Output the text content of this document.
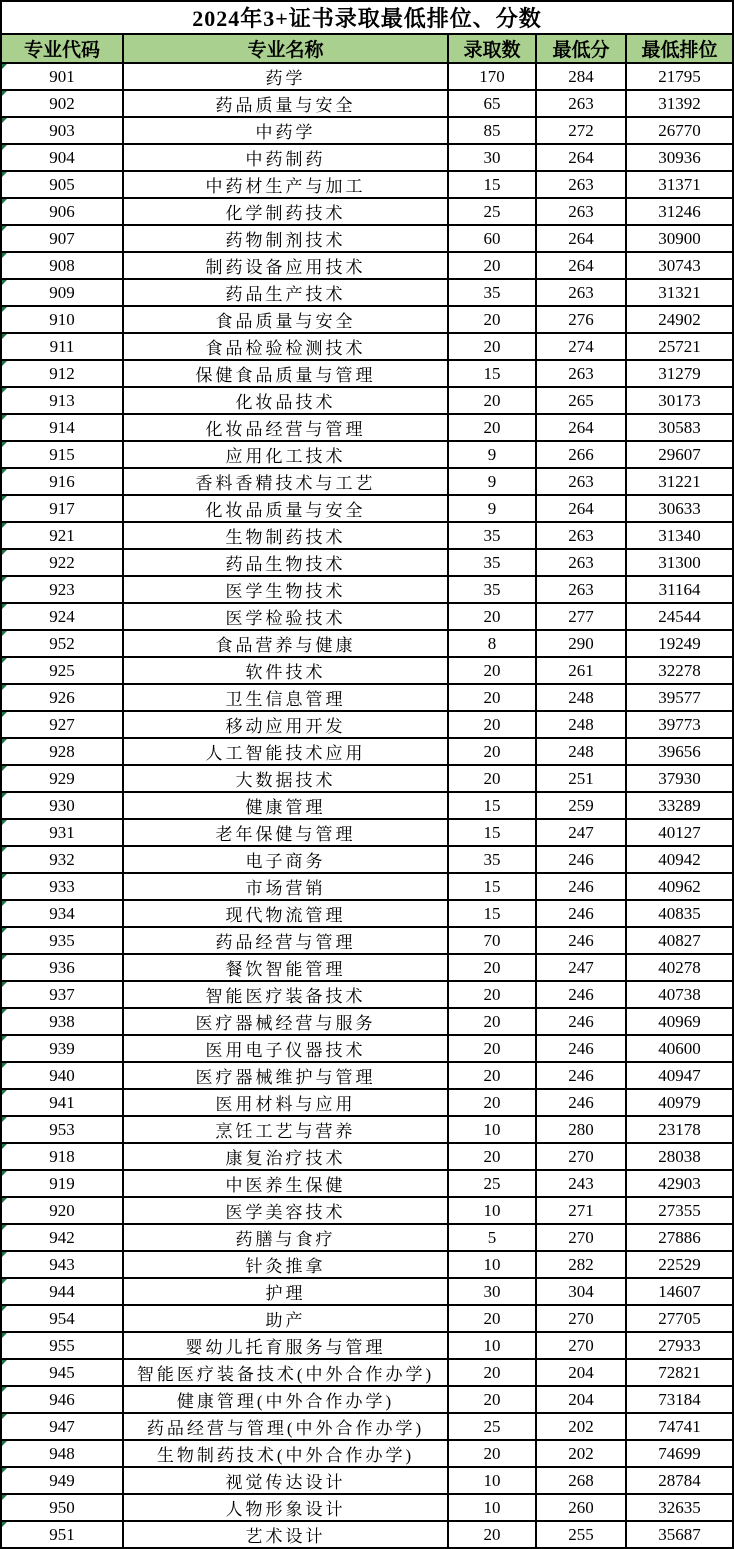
2024年3+证书录取最低排位、分数				
专业代码	专业名称	录取数	最低分	最低排位

901	药学	170	284	21795

902	药品质量与安全	65	263	31392

903	中药学	85	272	26770

904	中药制药	30	264	30936

905	中药材生产与加工	15	263	31371

906	化学制药技术	25	263	31246

907	药物制剂技术	60	264	30900

908	制药设备应用技术	20	264	30743

909	药品生产技术	35	263	31321

910	食品质量与安全	20	276	24902

911	食品检验检测技术	20	274	25721

912	保健食品质量与管理	15	263	31279

913	化妆品技术	20	265	30173

914	化妆品经营与管理	20	264	30583

915	应用化工技术	9	266	29607

916	香料香精技术与工艺	9	263	31221

917	化妆品质量与安全	9	264	30633

921	生物制药技术	35	263	31340

922	药品生物技术	35	263	31300

923	医学生物技术	35	263	31164

924	医学检验技术	20	277	24544

952	食品营养与健康	8	290	19249

925	软件技术	20	261	32278

926	卫生信息管理	20	248	39577

927	移动应用开发	20	248	39773

928	人工智能技术应用	20	248	39656

929	大数据技术	20	251	37930

930	健康管理	15	259	33289

931	老年保健与管理	15	247	40127

932	电子商务	35	246	40942

933	市场营销	15	246	40962

934	现代物流管理	15	246	40835

935	药品经营与管理	70	246	40827

936	餐饮智能管理	20	247	40278

937	智能医疗装备技术	20	246	40738

938	医疗器械经营与服务	20	246	40969

939	医用电子仪器技术	20	246	40600

940	医疗器械维护与管理	20	246	40947

941	医用材料与应用	20	246	40979

953	烹饪工艺与营养	10	280	23178

918	康复治疗技术	20	270	28038

919	中医养生保健	25	243	42903

920	医学美容技术	10	271	27355

942	药膳与食疗	5	270	27886

943	针灸推拿	10	282	22529

944	护理	30	304	14607

954	助产	20	270	27705

955	婴幼儿托育服务与管理	10	270	27933

945	智能医疗装备技术(中外合作办学)	20	204	72821

946	健康管理(中外合作办学)	20	204	73184

947	药品经营与管理(中外合作办学)	25	202	74741

948	生物制药技术(中外合作办学)	20	202	74699

949	视觉传达设计	10	268	28784

950	人物形象设计	10	260	32635

951	艺术设计	20	255	35687
